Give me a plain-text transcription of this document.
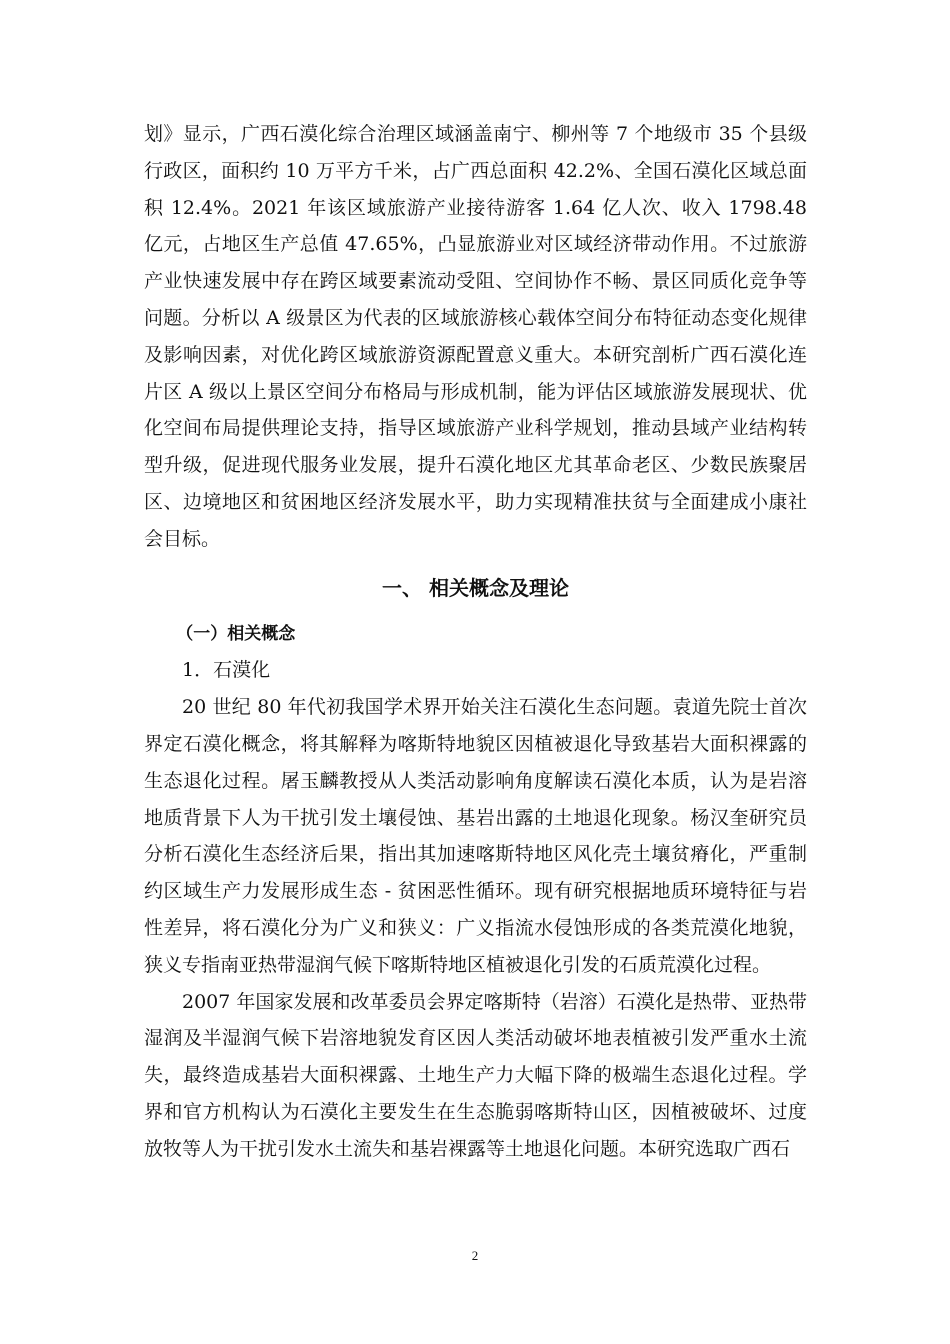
划》显示，广西石漠化综合治理区域涵盖南宁、柳州等 7 个地级市 35 个县级行政区，面积约 10 万平方千米，占广西总面积 42.2%、全国石漠化区域总面积 12.4%。2021 年该区域旅游产业接待游客 1.64 亿人次、收入 1798.48 亿元，占地区生产总值 47.65%，凸显旅游业对区域经济带动作用。不过旅游产业快速发展中存在跨区域要素流动受阻、空间协作不畅、景区同质化竞争等问题。分析以 A 级景区为代表的区域旅游核心载体空间分布特征动态变化规律及影响因素，对优化跨区域旅游资源配置意义重大。本研究剖析广西石漠化连片区 A 级以上景区空间分布格局与形成机制，能为评估区域旅游发展现状、优化空间布局提供理论支持，指导区域旅游产业科学规划，推动县域产业结构转型升级，促进现代服务业发展，提升石漠化地区尤其革命老区、少数民族聚居区、边境地区和贫困地区经济发展水平，助力实现精准扶贫与全面建成小康社会目标。

一、 相关概念及理论

（一）相关概念

1．石漠化

20 世纪 80 年代初我国学术界开始关注石漠化生态问题。袁道先院士首次界定石漠化概念，将其解释为喀斯特地貌区因植被退化导致基岩大面积裸露的生态退化过程。屠玉麟教授从人类活动影响角度解读石漠化本质，认为是岩溶地质背景下人为干扰引发土壤侵蚀、基岩出露的土地退化现象。杨汉奎研究员分析石漠化生态经济后果，指出其加速喀斯特地区风化壳土壤贫瘠化，严重制约区域生产力发展形成生态 - 贫困恶性循环。现有研究根据地质环境特征与岩性差异，将石漠化分为广义和狭义：广义指流水侵蚀形成的各类荒漠化地貌，狭义专指南亚热带湿润气候下喀斯特地区植被退化引发的石质荒漠化过程。

2007 年国家发展和改革委员会界定喀斯特（岩溶）石漠化是热带、亚热带湿润及半湿润气候下岩溶地貌发育区因人类活动破坏地表植被引发严重水土流失，最终造成基岩大面积裸露、土地生产力大幅下降的极端生态退化过程。学界和官方机构认为石漠化主要发生在生态脆弱喀斯特山区，因植被破坏、过度放牧等人为干扰引发水土流失和基岩裸露等土地退化问题。本研究选取广西石

2
